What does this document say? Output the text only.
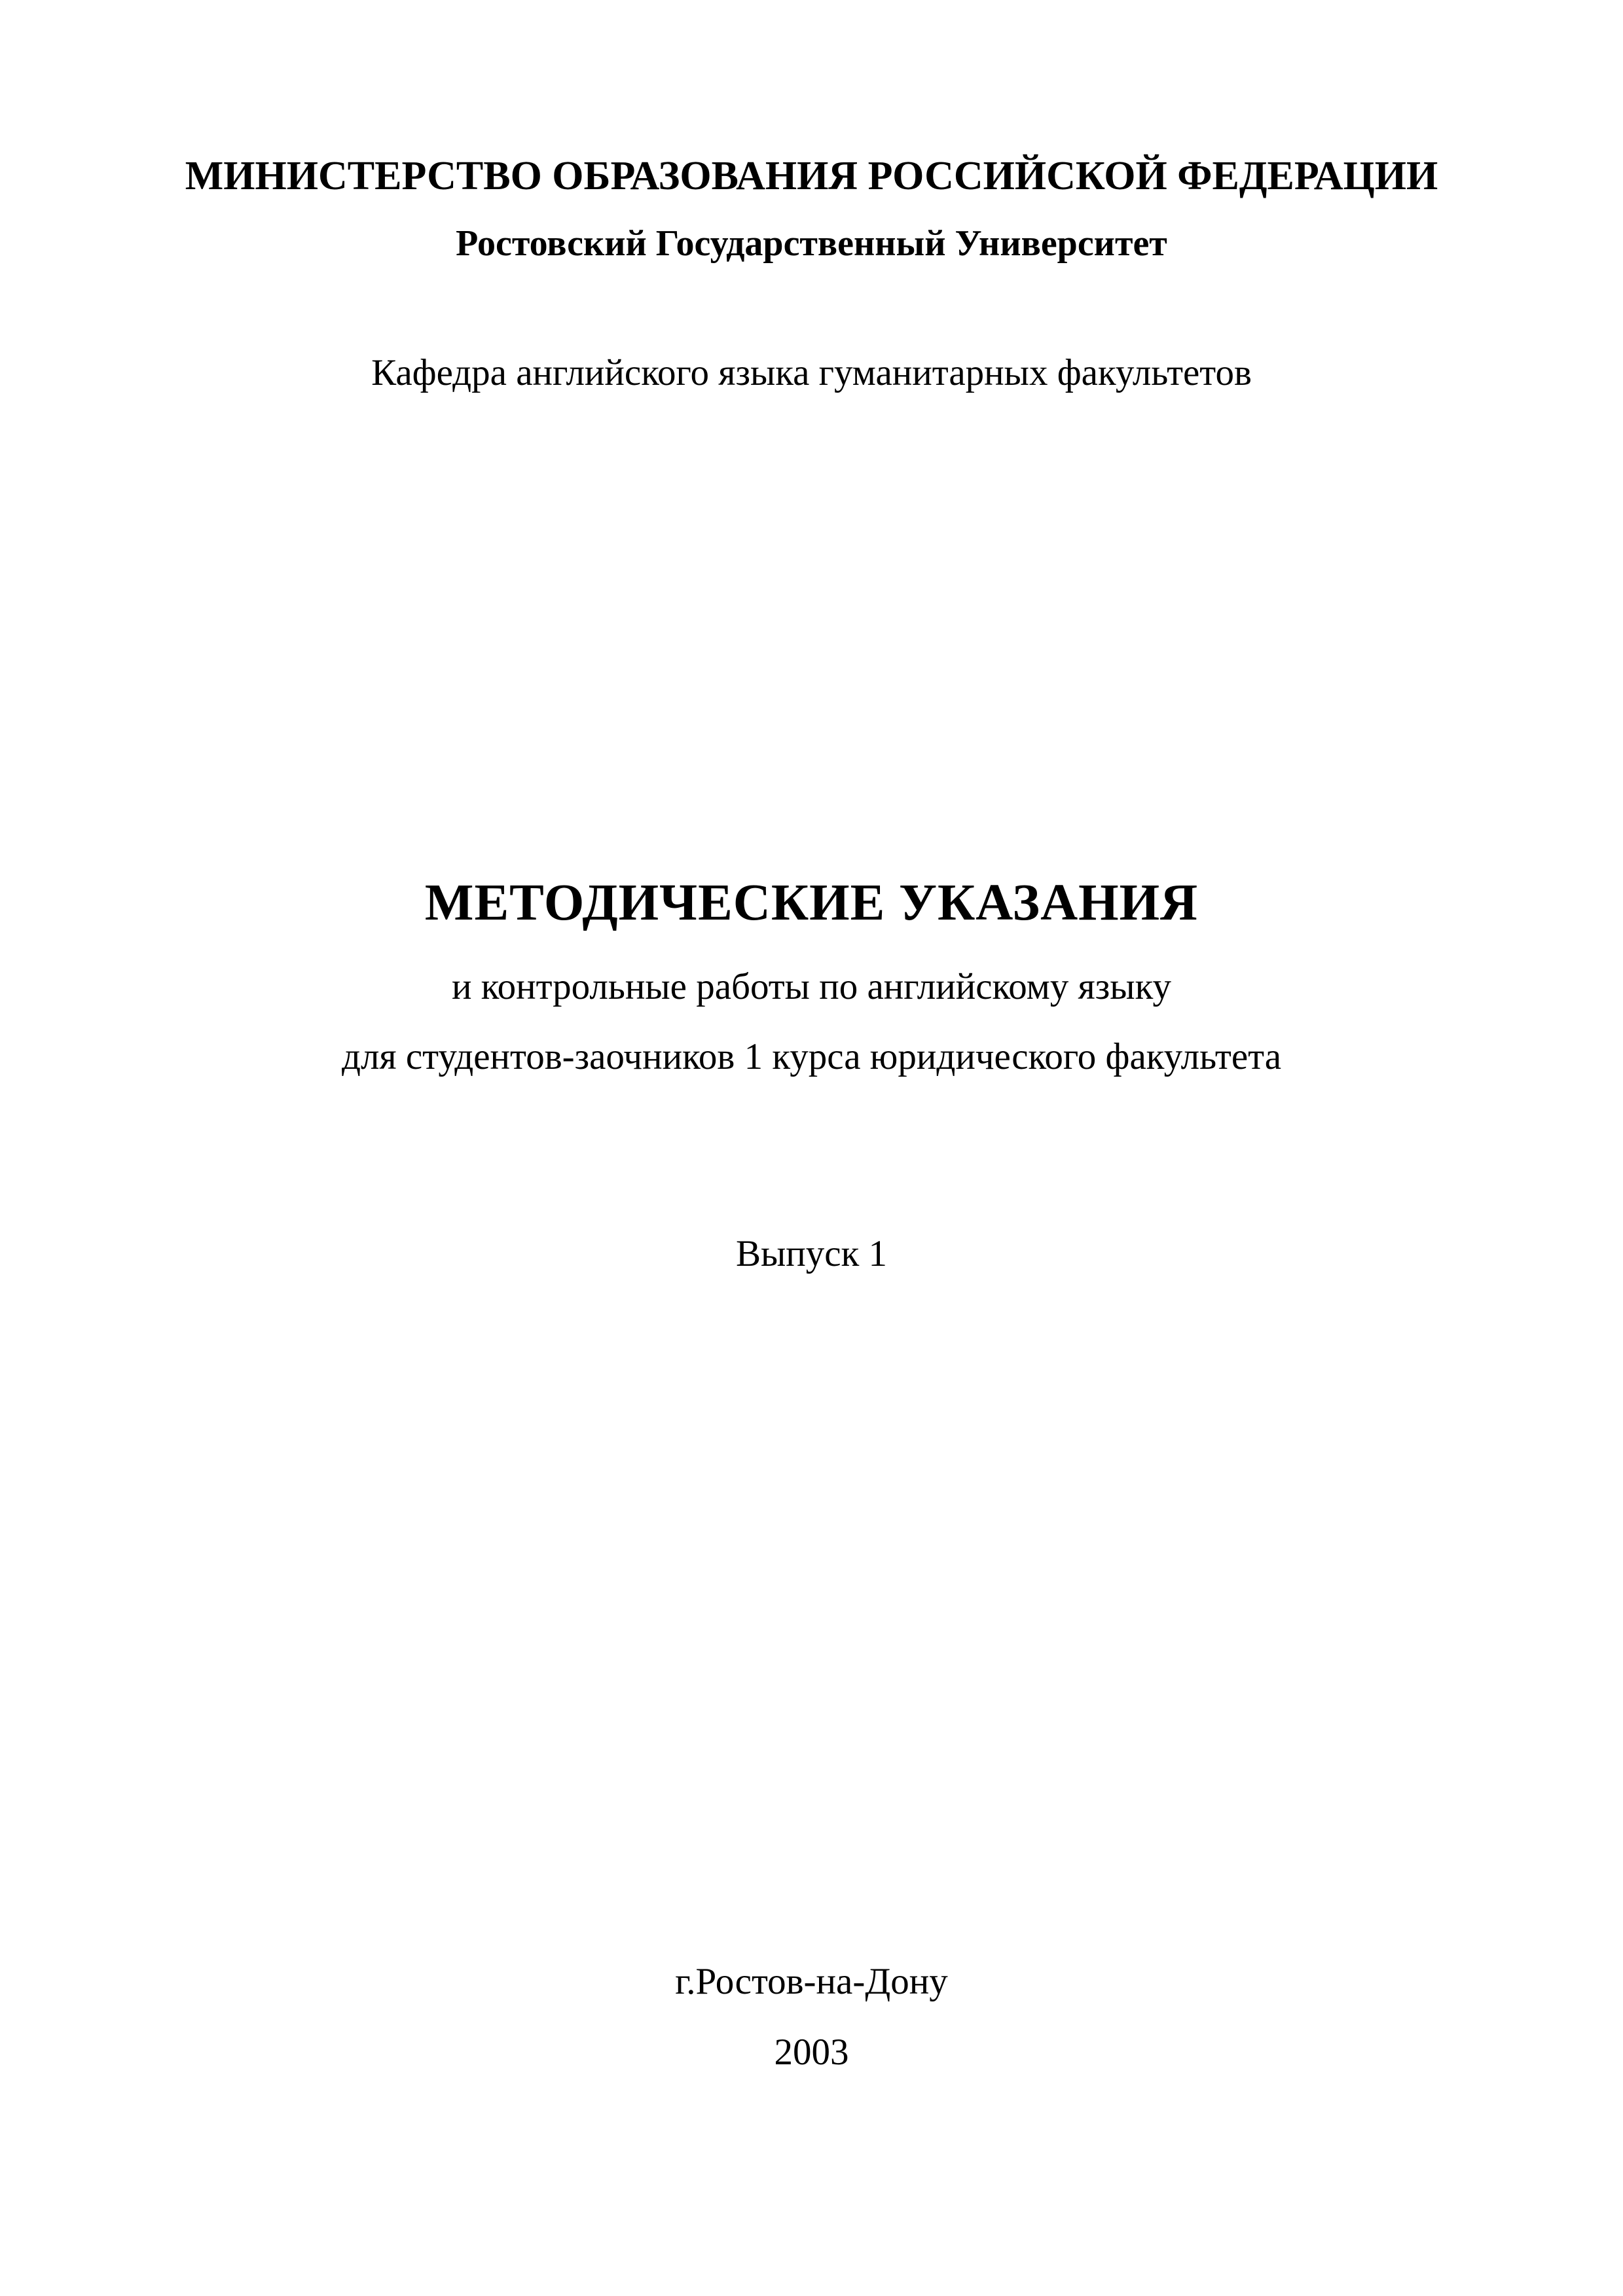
МИНИСТЕРСТВО ОБРАЗОВАНИЯ РОССИЙСКОЙ ФЕДЕРАЦИИ
Ростовский Государственный Университет
Кафедра английского языка гуманитарных факультетов
МЕТОДИЧЕСКИЕ УКАЗАНИЯ
и контрольные работы по английскому языку
для студентов-заочников 1 курса юридического факультета
Выпуск 1
г.Ростов-на-Дону
2003
